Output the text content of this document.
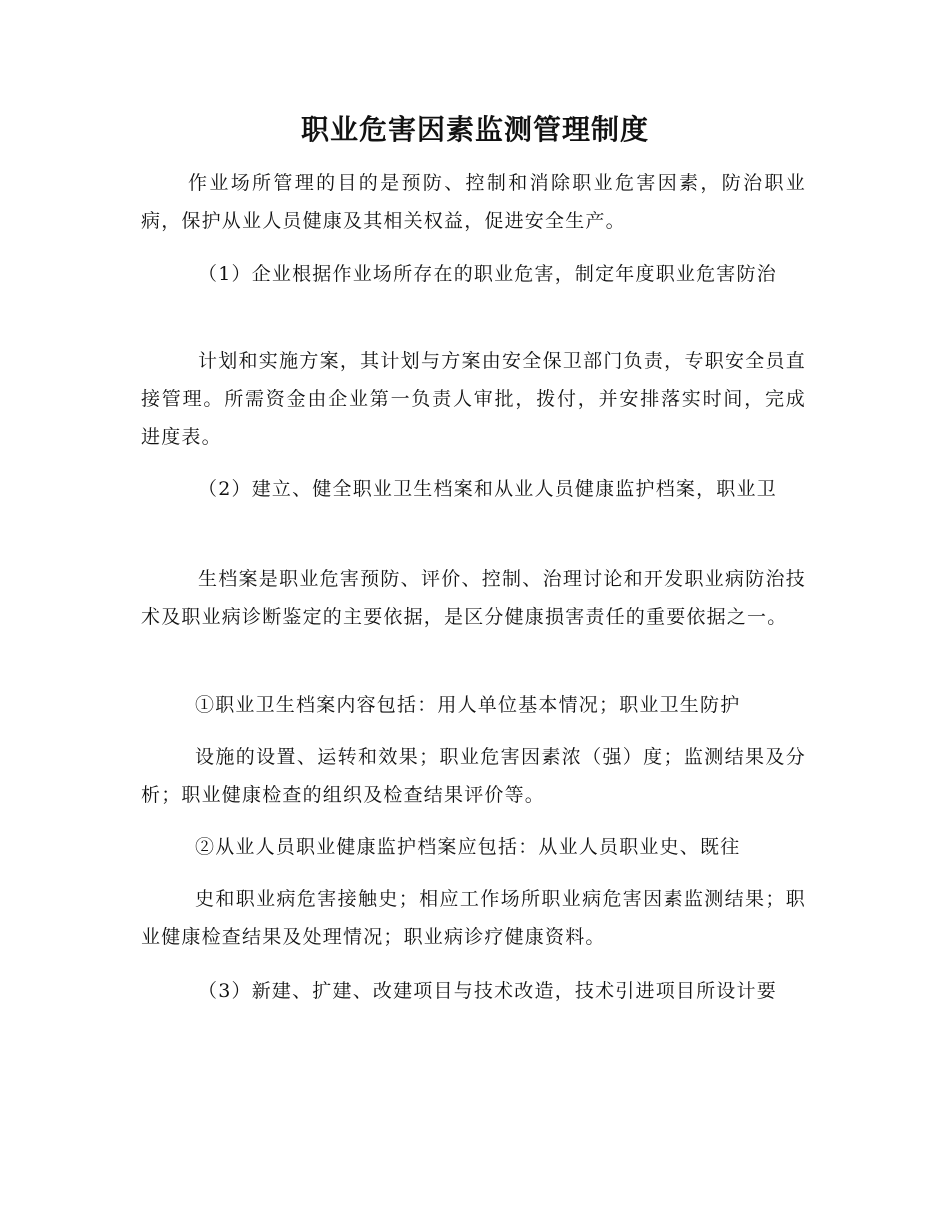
职业危害因素监测管理制度

作业场所管理的目的是预防、控制和消除职业危害因素，防治职业病，保护从业人员健康及其相关权益，促进安全生产。

（1）企业根据作业场所存在的职业危害，制定年度职业危害防治

计划和实施方案，其计划与方案由安全保卫部门负责，专职安全员直接管理。所需资金由企业第一负责人审批，拨付，并安排落实时间，完成进度表。

（2）建立、健全职业卫生档案和从业人员健康监护档案，职业卫

生档案是职业危害预防、评价、控制、治理讨论和开发职业病防治技术及职业病诊断鉴定的主要依据，是区分健康损害责任的重要依据之一。

①职业卫生档案内容包括：用人单位基本情况；职业卫生防护

设施的设置、运转和效果；职业危害因素浓（强）度；监测结果及分析；职业健康检查的组织及检查结果评价等。

②从业人员职业健康监护档案应包括：从业人员职业史、既往

史和职业病危害接触史；相应工作场所职业病危害因素监测结果；职业健康检查结果及处理情况；职业病诊疗健康资料。

（3）新建、扩建、改建项目与技术改造，技术引进项目所设计要
